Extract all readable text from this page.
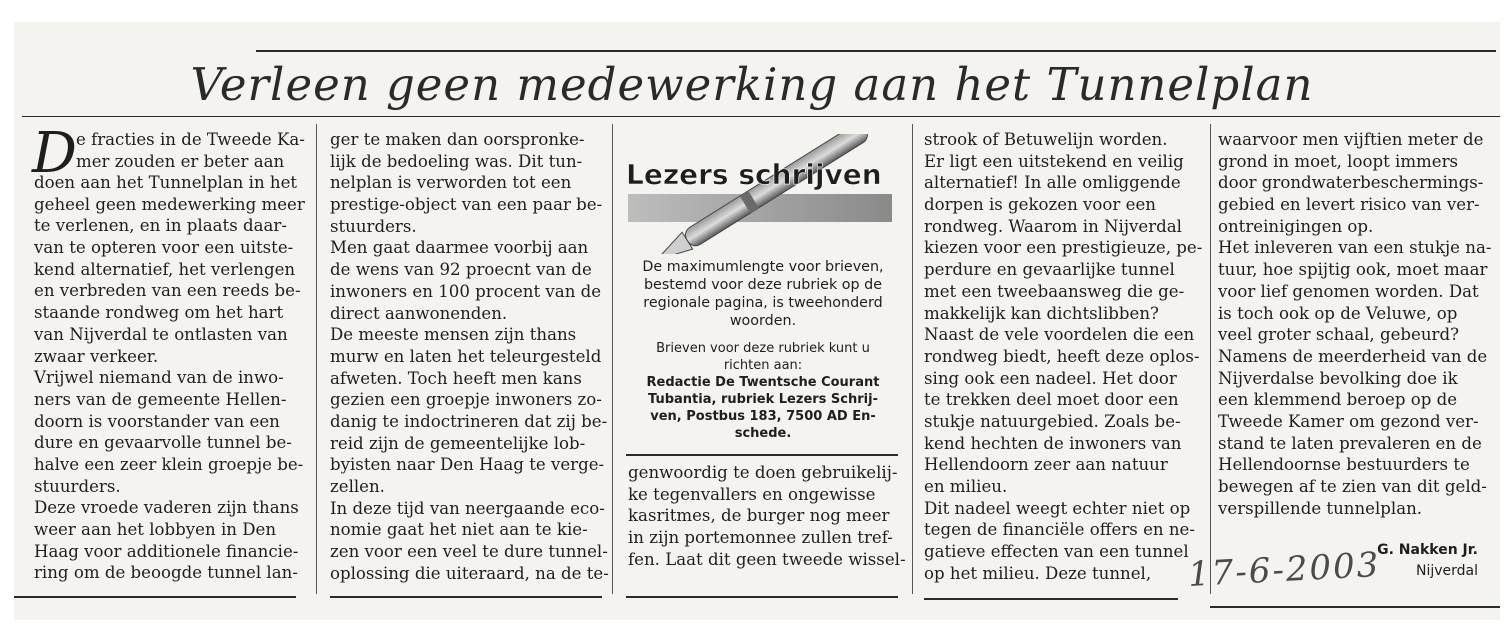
Verleen geen medewerking aan het Tunnelplan
D e fracties in de Tweede Ka-
mer zouden er beter aan
doen aan het Tunnelplan in het
geheel geen medewerking meer
te verlenen, en in plaats daar-
van te opteren voor een uitste-
kend alternatief, het verlengen
en verbreden van een reeds be-
staande rondweg om het hart
van Nijverdal te ontlasten van
zwaar verkeer.
Vrijwel niemand van de inwo-
ners van de gemeente Hellen-
doorn is voorstander van een
dure en gevaarvolle tunnel be-
halve een zeer klein groepje be-
stuurders.
Deze vroede vaderen zijn thans
weer aan het lobbyen in Den
Haag voor additionele financie-
ring om de beoogde tunnel lan-
ger te maken dan oorspronke-
lijk de bedoeling was. Dit tun-
nelplan is verworden tot een
prestige-object van een paar be-
stuurders.
Men gaat daarmee voorbij aan
de wens van 92 proecnt van de
inwoners en 100 procent van de
direct aanwonenden.
De meeste mensen zijn thans
murw en laten het teleurgesteld
afweten. Toch heeft men kans
gezien een groepje inwoners zo-
danig te indoctrineren dat zij be-
reid zijn de gemeentelijke lob-
byisten naar Den Haag te verge-
zellen.
In deze tijd van neergaande eco-
nomie gaat het niet aan te kie-
zen voor een veel te dure tunnel-
oplossing die uiteraard, na de te-
Lezers schrijven
De maximumlengte voor brieven,
bestemd voor deze rubriek op de
regionale pagina, is tweehonderd
woorden.
Brieven voor deze rubriek kunt u
richten aan:
Redactie De Twentsche Courant
Tubantia, rubriek Lezers Schrij-
ven, Postbus 183, 7500 AD En-
schede.
genwoordig te doen gebruikelij-
ke tegenvallers en ongewisse
kasritmes, de burger nog meer
in zijn portemonnee zullen tref-
fen. Laat dit geen tweede wissel-
strook of Betuwelijn worden.
Er ligt een uitstekend en veilig
alternatief! In alle omliggende
dorpen is gekozen voor een
rondweg. Waarom in Nijverdal
kiezen voor een prestigieuze, pe-
perdure en gevaarlijke tunnel
met een tweebaansweg die ge-
makkelijk kan dichtslibben?
Naast de vele voordelen die een
rondweg biedt, heeft deze oplos-
sing ook een nadeel. Het door
te trekken deel moet door een
stukje natuurgebied. Zoals be-
kend hechten de inwoners van
Hellendoorn zeer aan natuur
en milieu.
Dit nadeel weegt echter niet op
tegen de financiële offers en ne-
gatieve effecten van een tunnel
op het milieu. Deze tunnel,
waarvoor men vijftien meter de
grond in moet, loopt immers
door grondwaterbeschermings-
gebied en levert risico van ver-
ontreinigingen op.
Het inleveren van een stukje na-
tuur, hoe spijtig ook, moet maar
voor lief genomen worden. Dat
is toch ook op de Veluwe, op
veel groter schaal, gebeurd?
Namens de meerderheid van de
Nijverdalse bevolking doe ik
een klemmend beroep op de
Tweede Kamer om gezond ver-
stand te laten prevaleren en de
Hellendoornse bestuurders te
bewegen af te zien van dit geld-
verspillende tunnelplan.
G. Nakken Jr.
Nijverdal
17-6-2003
